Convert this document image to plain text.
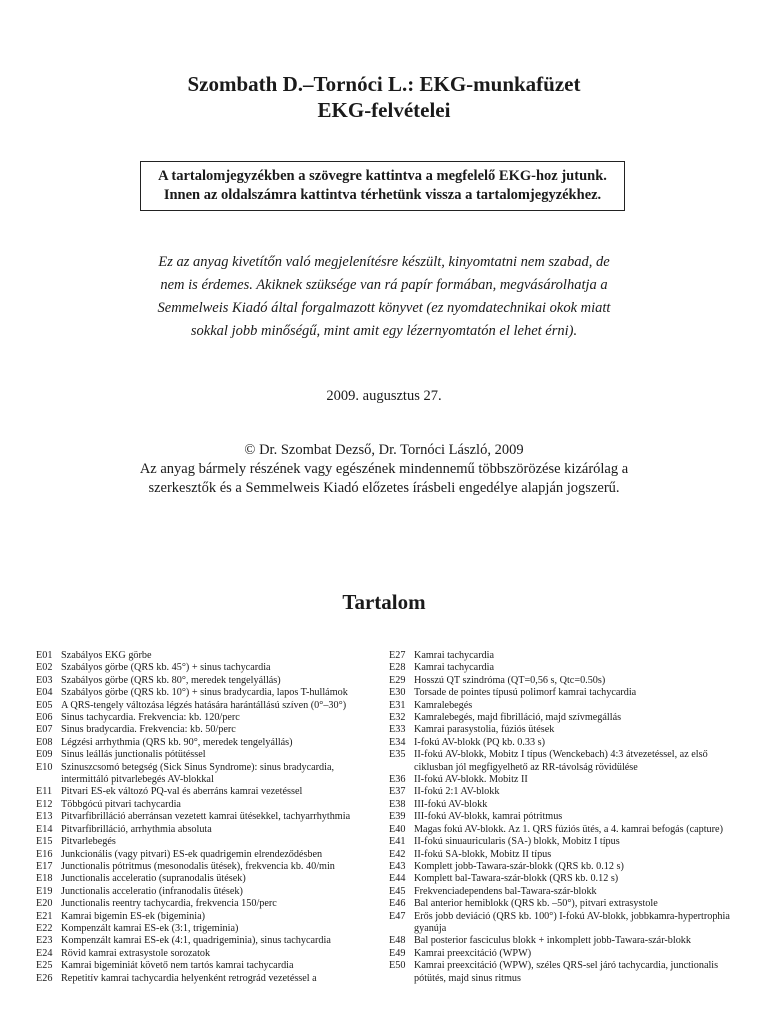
Szombath D.–Tornóci L.: EKG-munkafüzet
EKG-felvételei
A tartalomjegyzékben a szövegre kattintva a megfelelő EKG-hoz jutunk.
Innen az oldalszámra kattintva térhetünk vissza a tartalomjegyzékhez.
Ez az anyag kivetítőn való megjelenítésre készült, kinyomtatni nem szabad, de
nem is érdemes. Akiknek szüksége van rá papír formában, megvásárolhatja a
Semmelweis Kiadó által forgalmazott könyvet (ez nyomdatechnikai okok miatt
sokkal jobb minőségű, mint amit egy lézernyomtatón el lehet érni).
2009. augusztus 27.
© Dr. Szombat Dezső, Dr. Tornóci László, 2009
Az anyag bármely részének vagy egészének mindennemű többszörözése kizárólag a
szerkesztők és a Semmelweis Kiadó előzetes írásbeli engedélye alapján jogszerű.
Tartalom
E01 Szabályos EKG görbe
E02 Szabályos görbe (QRS kb. 45°) + sinus tachycardia
E03 Szabályos görbe (QRS kb. 80°, meredek tengelyállás)
E04 Szabályos görbe (QRS kb. 10°) + sinus bradycardia, lapos T-hullámok
E05 A QRS-tengely változása légzés hatására harántállású szíven (0°–30°)
E06 Sinus tachycardia. Frekvencia: kb. 120/perc
E07 Sinus bradycardia. Frekvencia: kb. 50/perc
E08 Légzési arrhythmia (QRS kb. 90°, meredek tengelyállás)
E09 Sinus leállás junctionalis pótütéssel
E10 Szinuszcsomó betegség (Sick Sinus Syndrome): sinus bradycardia, intermittáló pitvarlebegés AV-blokkal
E11 Pitvari ES-ek változó PQ-val és aberráns kamrai vezetéssel
E12 Többgócú pitvari tachycardia
E13 Pitvarfibrilláció aberránsan vezetett kamrai ütésekkel, tachyarrhythmia
E14 Pitvarfibrilláció, arrhythmia absoluta
E15 Pitvarlebegés
E16 Junkcionális (vagy pitvari) ES-ek quadrigemin elrendeződésben
E17 Junctionalis pótritmus (mesonodalis ütések), frekvencia kb. 40/min
E18 Junctionalis acceleratio (supranodalis ütések)
E19 Junctionalis acceleratio (infranodalis ütések)
E20 Junctionalis reentry tachycardia, frekvencia 150/perc
E21 Kamrai bigemin ES-ek (bigeminia)
E22 Kompenzált kamrai ES-ek (3:1, trigeminia)
E23 Kompenzált kamrai ES-ek (4:1, quadrigeminia), sinus tachycardia
E24 Rövid kamrai extrasystole sorozatok
E25 Kamrai bigeminiát követő nem tartós kamrai tachycardia
E26 Repetitív kamrai tachycardia helyenként retrográd vezetéssel a
E27 Kamrai tachycardia
E28 Kamrai tachycardia
E29 Hosszú QT szindróma (QT=0,56 s, Qtc=0.50s)
E30 Torsade de pointes típusú polimorf kamrai tachycardia
E31 Kamralebegés
E32 Kamralebegés, majd fibrilláció, majd szívmegállás
E33 Kamrai parasystolia, fúziós ütések
E34 I-fokú AV-blokk (PQ kb. 0.33 s)
E35 II-fokú AV-blokk, Mobitz I típus (Wenckebach) 4:3 átvezetéssel, az első ciklusban jól megfigyelhető az RR-távolság rövidülése
E36 II-fokú AV-blokk. Mobitz II
E37 II-fokú 2:1 AV-blokk
E38 III-fokú AV-blokk
E39 III-fokú AV-blokk, kamrai pótritmus
E40 Magas fokú AV-blokk. Az 1. QRS fúziós ütés, a 4. kamrai befogás (capture)
E41 II-fokú sinuauricularis (SA-) blokk, Mobitz I típus
E42 II-fokú SA-blokk, Mobitz II típus
E43 Komplett jobb-Tawara-szár-blokk (QRS kb. 0.12 s)
E44 Komplett bal-Tawara-szár-blokk (QRS kb. 0.12 s)
E45 Frekvenciadependens bal-Tawara-szár-blokk
E46 Bal anterior hemiblokk (QRS kb. –50°), pitvari extrasystole
E47 Erős jobb deviáció (QRS kb. 100°) I-fokú AV-blokk, jobbkamra-hypertrophia gyanúja
E48 Bal posterior fasciculus blokk + inkomplett jobb-Tawara-szár-blokk
E49 Kamrai preexcitáció (WPW)
E50 Kamrai preexcitáció (WPW), széles QRS-sel járó tachycardia, junctionalis pótütés, majd sinus ritmus
